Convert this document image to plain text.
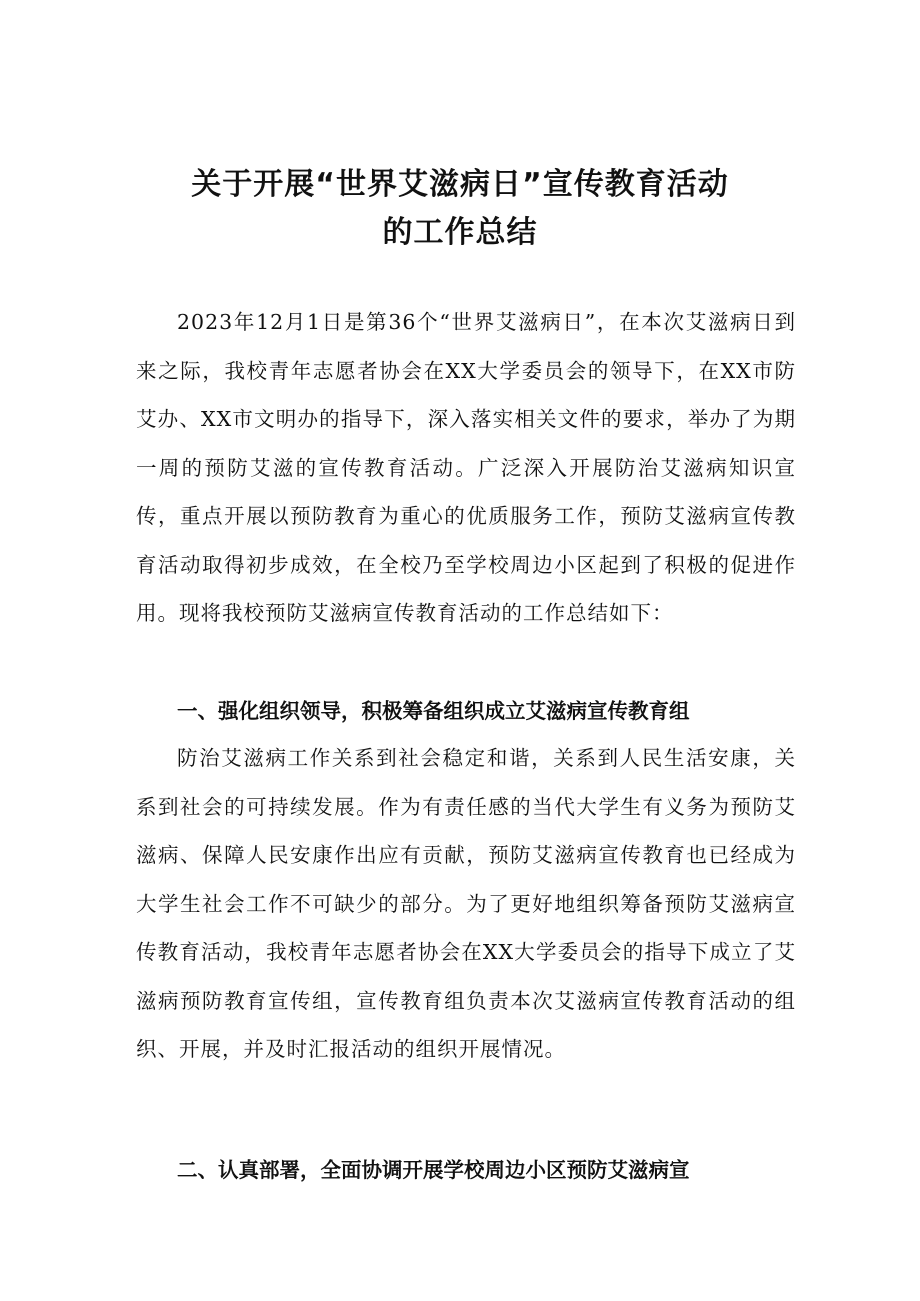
关于开展“世界艾滋病日”宣传教育活动
的工作总结

2023年12月1日是第36个“世界艾滋病日”，在本次艾滋病日到来之际，我校青年志愿者协会在XX大学委员会的领导下，在XX市防艾办、XX市文明办的指导下，深入落实相关文件的要求，举办了为期一周的预防艾滋的宣传教育活动。广泛深入开展防治艾滋病知识宣传，重点开展以预防教育为重心的优质服务工作，预防艾滋病宣传教育活动取得初步成效，在全校乃至学校周边小区起到了积极的促进作用。现将我校预防艾滋病宣传教育活动的工作总结如下：

一、强化组织领导，积极筹备组织成立艾滋病宣传教育组

防治艾滋病工作关系到社会稳定和谐，关系到人民生活安康，关系到社会的可持续发展。作为有责任感的当代大学生有义务为预防艾滋病、保障人民安康作出应有贡献，预防艾滋病宣传教育也已经成为大学生社会工作不可缺少的部分。为了更好地组织筹备预防艾滋病宣传教育活动，我校青年志愿者协会在XX大学委员会的指导下成立了艾滋病预防教育宣传组，宣传教育组负责本次艾滋病宣传教育活动的组织、开展，并及时汇报活动的组织开展情况。

二、认真部署，全面协调开展学校周边小区预防艾滋病宣
